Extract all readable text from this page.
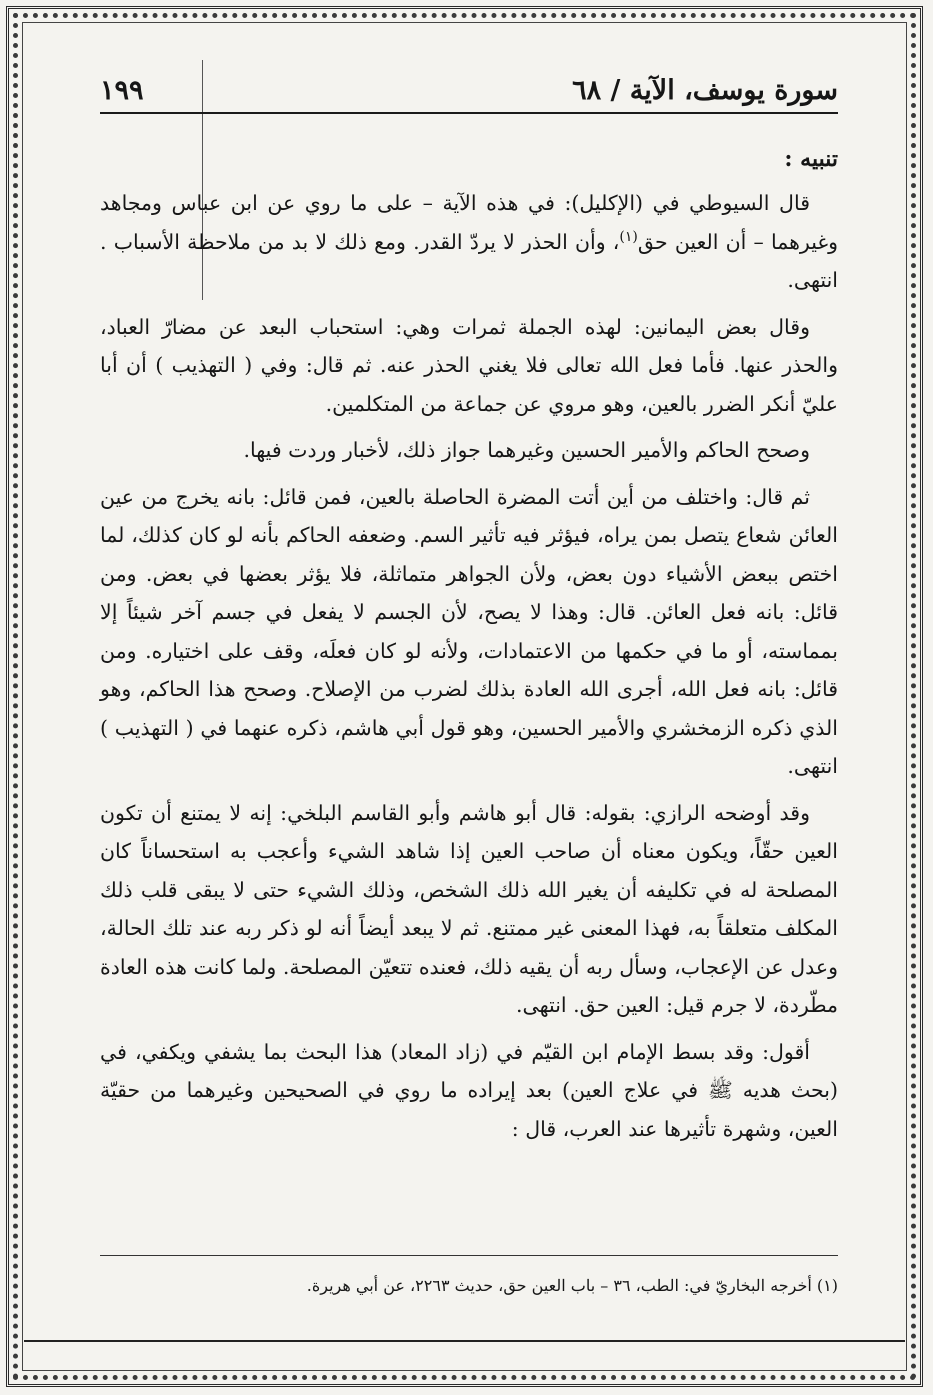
سورة يوسف، الآية / ٦٨
١٩٩
تنبيه :

قال السيوطي في (الإكليل): في هذه الآية – على ما روي عن ابن عباس ومجاهد وغيرهما – أن العين حق$^{(١)}$، وأن الحذر لا يردّ القدر. ومع ذلك لا بد من ملاحظة الأسباب . انتهى.

وقال بعض اليمانين: لهذه الجملة ثمرات وهي: استحباب البعد عن مضارّ العباد، والحذر عنها. فأما فعل الله تعالى فلا يغني الحذر عنه. ثم قال: وفي ( التهذيب ) أن أبا عليّ أنكر الضرر بالعين، وهو مروي عن جماعة من المتكلمين.

وصحح الحاكم والأمير الحسين وغيرهما جواز ذلك، لأخبار وردت فيها.

ثم قال: واختلف من أين أتت المضرة الحاصلة بالعين، فمن قائل: بانه يخرج من عين العائن شعاع يتصل بمن يراه، فيؤثر فيه تأثير السم. وضعفه الحاكم بأنه لو كان كذلك، لما اختص ببعض الأشياء دون بعض، ولأن الجواهر متماثلة، فلا يؤثر بعضها في بعض. ومن قائل: بانه فعل العائن. قال: وهذا لا يصح، لأن الجسم لا يفعل في جسم آخر شيئاً إلا بمماسته، أو ما في حكمها من الاعتمادات، ولأنه لو كان فعلَه، وقف على اختياره. ومن قائل: بانه فعل الله، أجرى الله العادة بذلك لضرب من الإصلاح. وصحح هذا الحاكم، وهو الذي ذكره الزمخشري والأمير الحسين، وهو قول أبي هاشم، ذكره عنهما في ( التهذيب ) انتهى.

وقد أوضحه الرازي: بقوله: قال أبو هاشم وأبو القاسم البلخي: إنه لا يمتنع أن تكون العين حقّاً، ويكون معناه أن صاحب العين إذا شاهد الشيء وأعجب به استحساناً كان المصلحة له في تكليفه أن يغير الله ذلك الشخص، وذلك الشيء حتى لا يبقى قلب ذلك المكلف متعلقاً به، فهذا المعنى غير ممتنع. ثم لا يبعد أيضاً أنه لو ذكر ربه عند تلك الحالة، وعدل عن الإعجاب، وسأل ربه أن يقيه ذلك، فعنده تتعيّن المصلحة. ولما كانت هذه العادة مطّردة، لا جرم قيل: العين حق. انتهى.

أقول: وقد بسط الإمام ابن القيّم في (زاد المعاد) هذا البحث بما يشفي ويكفي، في (بحث هديه ﷺ في علاج العين) بعد إيراده ما روي في الصحيحين وغيرهما من حقيّة العين، وشهرة تأثيرها عند العرب، قال :

(١) أخرجه البخاريّ في: الطب، ٣٦ – باب العين حق، حديث ٢٢٦٣، عن أبي هريرة.
